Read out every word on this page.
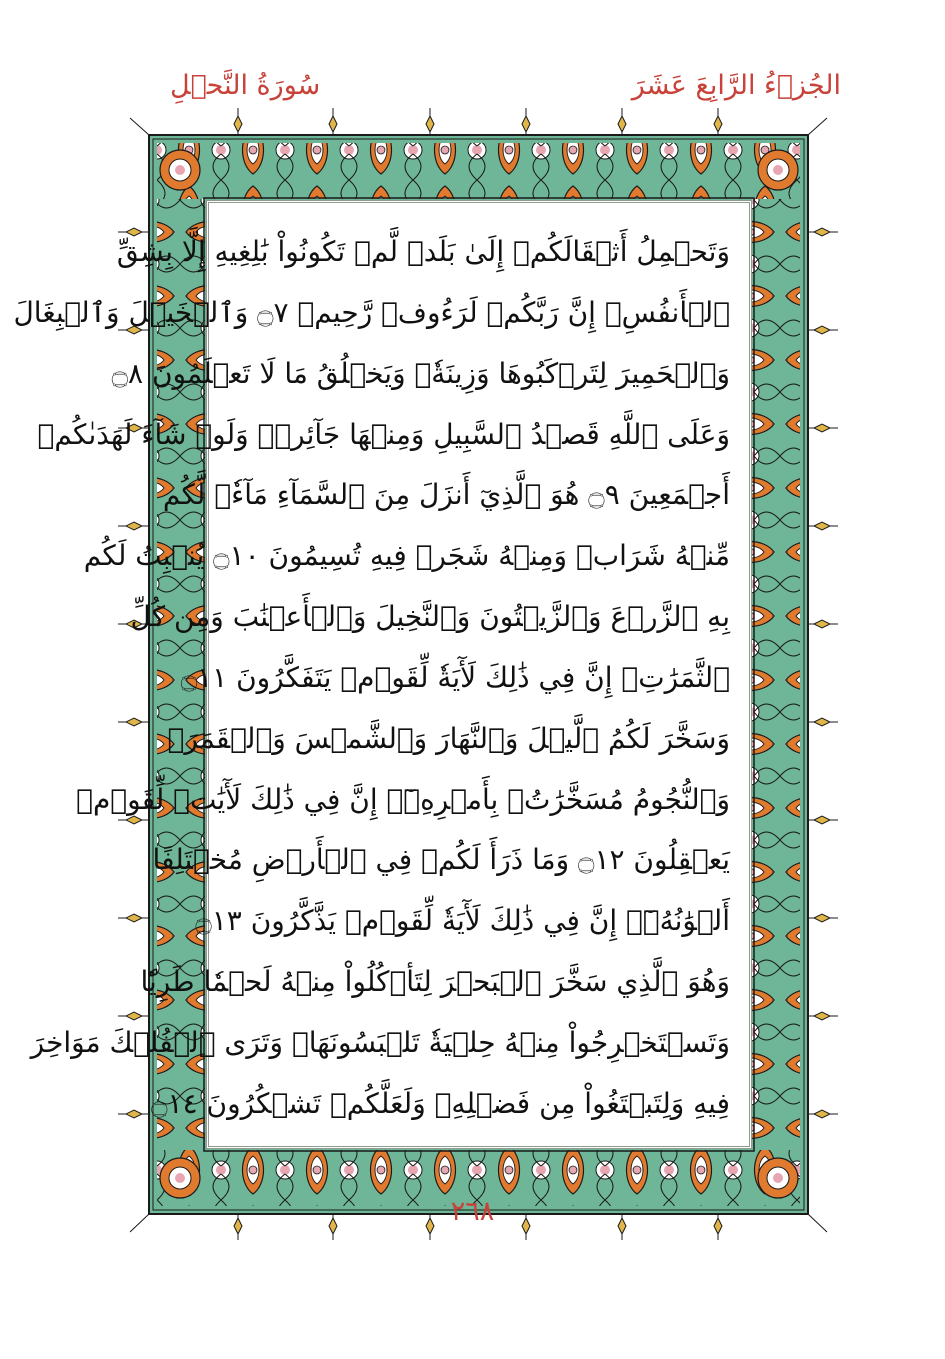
الجُزۡءُ الرَّابِعَ عَشَرَ
سُورَةُ النَّحۡلِ
وَتَحۡمِلُ أَثۡقَالَكُمۡ إِلَىٰ بَلَدٖ لَّمۡ تَكُونُواْ بَٰلِغِيهِ إِلَّا بِشِقِّ
ٱلۡأَنفُسِۚ إِنَّ رَبَّكُمۡ لَرَءُوفٞ رَّحِيمٞ ۝٧ وَٱلۡخَيۡلَ وَٱلۡبِغَالَ
وَٱلۡحَمِيرَ لِتَرۡكَبُوهَا وَزِينَةٗۚ وَيَخۡلُقُ مَا لَا تَعۡلَمُونَ ۝٨
وَعَلَى ٱللَّهِ قَصۡدُ ٱلسَّبِيلِ وَمِنۡهَا جَآئِرٞۚ وَلَوۡ شَآءَ لَهَدَىٰكُمۡ
أَجۡمَعِينَ ۝٩ هُوَ ٱلَّذِيٓ أَنزَلَ مِنَ ٱلسَّمَآءِ مَآءٗۖ لَّكُم
مِّنۡهُ شَرَابٞ وَمِنۡهُ شَجَرٞ فِيهِ تُسِيمُونَ ۝١٠ يُنۢبِتُ لَكُم
بِهِ ٱلزَّرۡعَ وَٱلزَّيۡتُونَ وَٱلنَّخِيلَ وَٱلۡأَعۡنَٰبَ وَمِن كُلِّ
ٱلثَّمَرَٰتِۚ إِنَّ فِي ذَٰلِكَ لَأٓيَةٗ لِّقَوۡمٖ يَتَفَكَّرُونَ ۝١١
وَسَخَّرَ لَكُمُ ٱلَّيۡلَ وَٱلنَّهَارَ وَٱلشَّمۡسَ وَٱلۡقَمَرَۖ
وَٱلنُّجُومُ مُسَخَّرَٰتُۢ بِأَمۡرِهِۦٓۚ إِنَّ فِي ذَٰلِكَ لَأٓيَٰتٖ لِّقَوۡمٖ
يَعۡقِلُونَ ۝١٢ وَمَا ذَرَأَ لَكُمۡ فِي ٱلۡأَرۡضِ مُخۡتَلِفًا
أَلۡوَٰنُهُۥٓۚ إِنَّ فِي ذَٰلِكَ لَأٓيَةٗ لِّقَوۡمٖ يَذَّكَّرُونَ ۝١٣
وَهُوَ ٱلَّذِي سَخَّرَ ٱلۡبَحۡرَ لِتَأۡكُلُواْ مِنۡهُ لَحۡمٗا طَرِيّٗا
وَتَسۡتَخۡرِجُواْ مِنۡهُ حِلۡيَةٗ تَلۡبَسُونَهَاۖ وَتَرَى ٱلۡفُلۡكَ مَوَاخِرَ
فِيهِ وَلِتَبۡتَغُواْ مِن فَضۡلِهِۦ وَلَعَلَّكُمۡ تَشۡكُرُونَ ۝١٤
٢٦٨
